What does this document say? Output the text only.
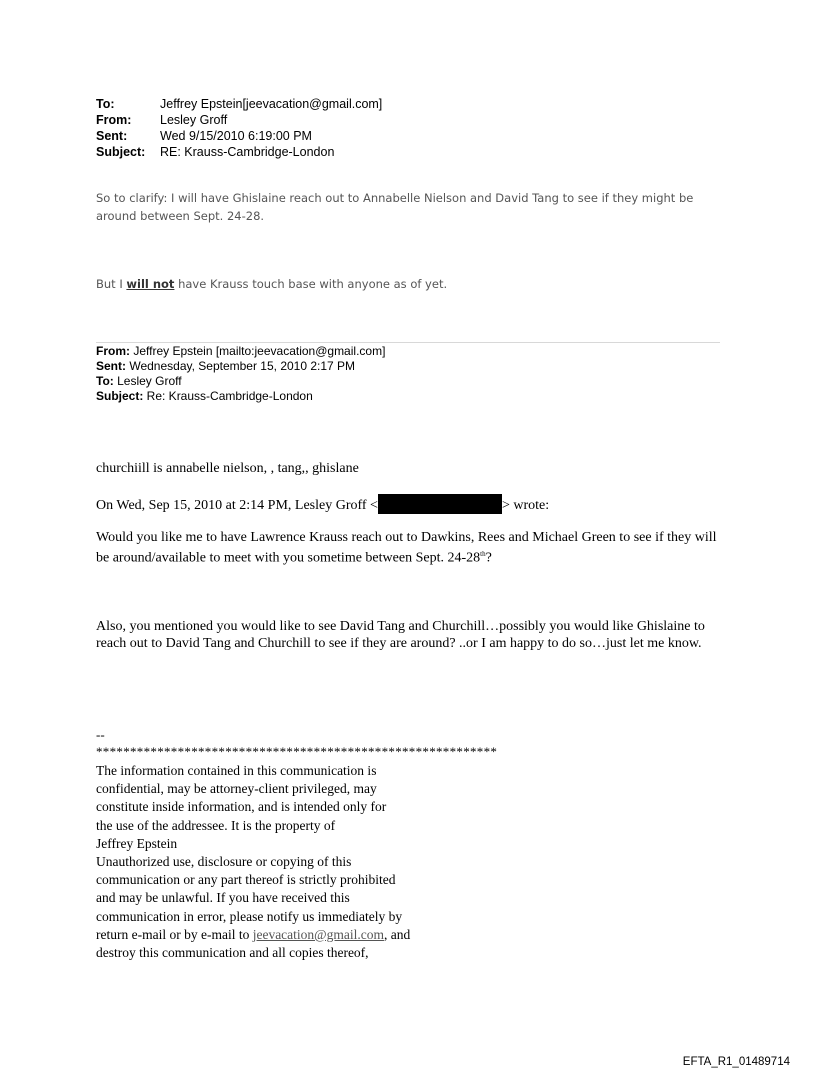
To:	Jeffrey Epstein[jeevacation@gmail.com]
From:	Lesley Groff
Sent:	Wed 9/15/2010 6:19:00 PM
Subject:	RE: Krauss-Cambridge-London
So to clarify: I will have Ghislaine reach out to Annabelle Nielson and David Tang to see if they might be around between Sept. 24-28.
But I will not have Krauss touch base with anyone as of yet.
From: Jeffrey Epstein [mailto:jeevacation@gmail.com]
Sent: Wednesday, September 15, 2010 2:17 PM
To: Lesley Groff
Subject: Re: Krauss-Cambridge-London
churchiill is annabelle nielson, , tang,, ghislane
On Wed, Sep 15, 2010 at 2:14 PM, Lesley Groff <	> wrote:
Would you like me to have Lawrence Krauss reach out to Dawkins, Rees and Michael Green to see if they will be around/available to meet with you sometime between Sept. 24-28th?
Also, you mentioned you would like to see David Tang and Churchill…possibly you would like Ghislaine to reach out to David Tang and Churchill to see if they are around? ..or I am happy to do so…just let me know.
--
***********************************************************
The information contained in this communication is
confidential, may be attorney-client privileged, may
constitute inside information, and is intended only for
the use of the addressee. It is the property of
Jeffrey Epstein
Unauthorized use, disclosure or copying of this
communication or any part thereof is strictly prohibited
and may be unlawful. If you have received this
communication in error, please notify us immediately by
return e-mail or by e-mail to jeevacation@gmail.com, and
destroy this communication and all copies thereof,
EFTA_R1_01489714
